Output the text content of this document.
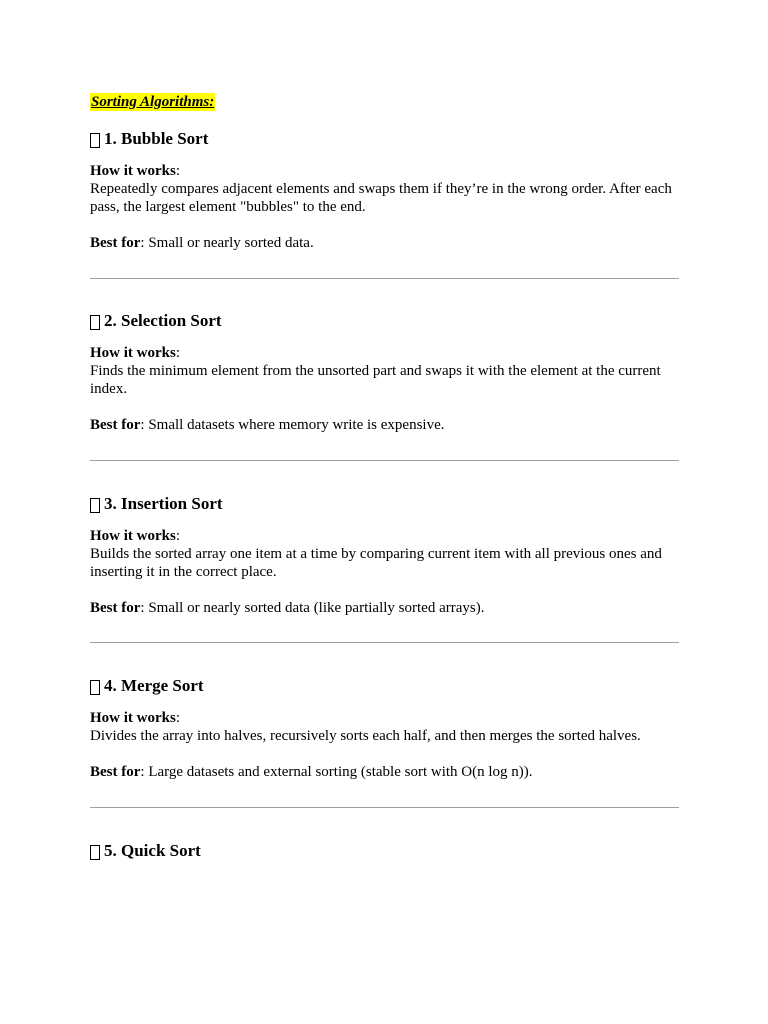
Sorting Algorithms:
1. Bubble Sort

How it works:

Repeatedly compares adjacent elements and swaps them if they’re in the wrong order. After each pass, the largest element "bubbles" to the end.

Best for: Small or nearly sorted data.

2. Selection Sort

How it works:

Finds the minimum element from the unsorted part and swaps it with the element at the current index.

Best for: Small datasets where memory write is expensive.

3. Insertion Sort

How it works:

Builds the sorted array one item at a time by comparing current item with all previous ones and inserting it in the correct place.

Best for: Small or nearly sorted data (like partially sorted arrays).

4. Merge Sort

How it works:

Divides the array into halves, recursively sorts each half, and then merges the sorted halves.

Best for: Large datasets and external sorting (stable sort with O(n log n)).

5. Quick Sort
